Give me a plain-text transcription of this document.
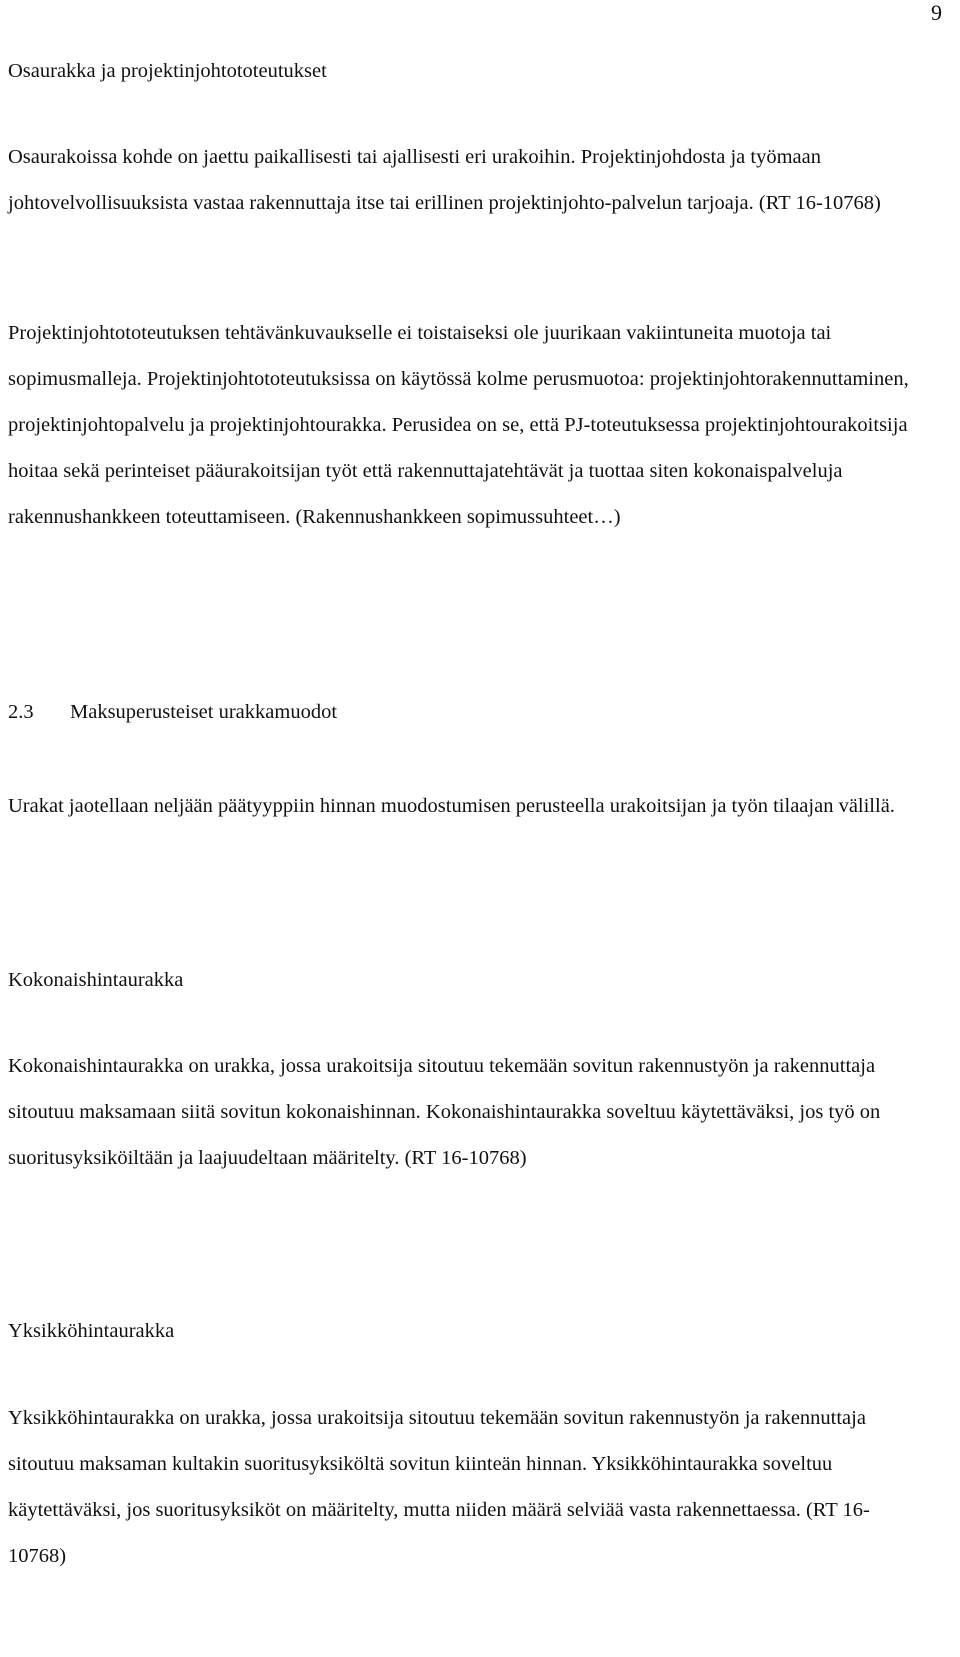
9
Osaurakka ja projektinjohtototeutukset

Osaurakoissa kohde on jaettu paikallisesti tai ajallisesti eri urakoihin. Projektinjohdosta ja työmaan johtovelvollisuuksista vastaa rakennuttaja itse tai erillinen projektinjohto-palvelun tarjoaja. (RT 16-10768)

Projektinjohtototeutuksen tehtävänkuvaukselle ei toistaiseksi ole juurikaan vakiintuneita muotoja tai sopimusmalleja. Projektinjohtototeutuksissa on käytössä kolme perusmuotoa: projektinjohtorakennuttaminen, projektinjohtopalvelu ja projektinjohtourakka. Perusidea on se, että PJ-toteutuksessa projektinjohtourakoitsija hoitaa sekä perinteiset pääurakoitsijan työt että rakennuttajatehtävät ja tuottaa siten kokonaispalveluja rakennushankkeen toteuttamiseen. (Rakennushankkeen sopimussuhteet…)

2.3 Maksuperusteiset urakkamuodot

Urakat jaotellaan neljään päätyyppiin hinnan muodostumisen perusteella urakoitsijan ja työn tilaajan välillä.

Kokonaishintaurakka

Kokonaishintaurakka on urakka, jossa urakoitsija sitoutuu tekemään sovitun rakennustyön ja rakennuttaja sitoutuu maksamaan siitä sovitun kokonaishinnan. Kokonaishintaurakka soveltuu käytettäväksi, jos työ on suoritusyksiköiltään ja laajuudeltaan määritelty. (RT 16-10768)

Yksikköhintaurakka

Yksikköhintaurakka on urakka, jossa urakoitsija sitoutuu tekemään sovitun rakennustyön ja rakennuttaja sitoutuu maksaman kultakin suoritusyksiköltä sovitun kiinteän hinnan. Yksikköhintaurakka soveltuu käytettäväksi, jos suoritusyksiköt on määritelty, mutta niiden määrä selviää vasta rakennettaessa. (RT 16-10768)
